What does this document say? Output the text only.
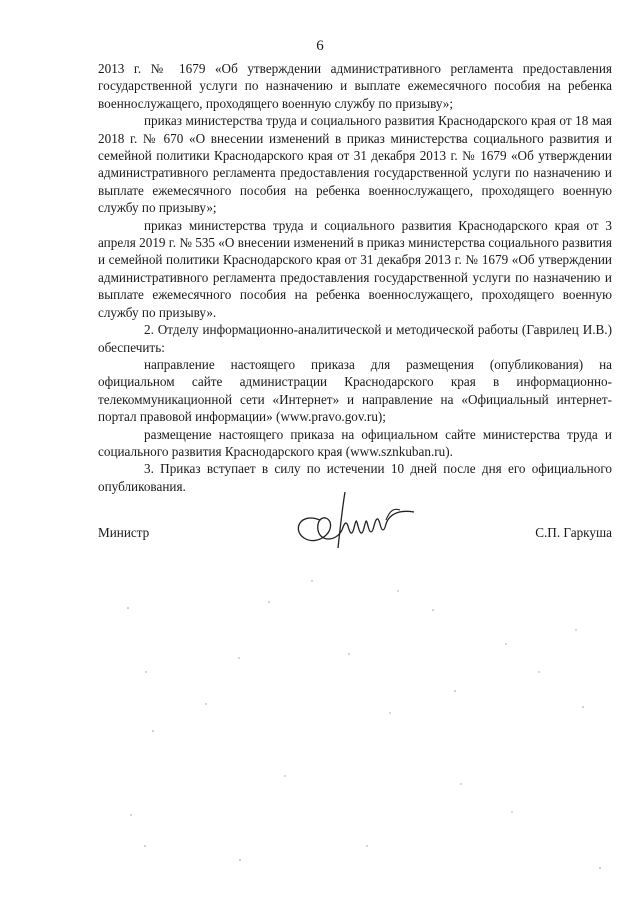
6

2013 г. № 1679 «Об утверждении административного регламента предоставления государственной услуги по назначению и выплате ежемесячного пособия на ребенка военнослужащего, проходящего военную службу по призыву»;

приказ министерства труда и социального развития Краснодарского края от 18 мая 2018 г. № 670 «О внесении изменений в приказ министерства социального развития и семейной политики Краснодарского края от 31 декабря 2013 г. № 1679 «Об утверждении административного регламента предоставления государственной услуги по назначению и выплате ежемесячного пособия на ребенка военнослужащего, проходящего военную службу по призыву»;

приказ министерства труда и социального развития Краснодарского края от 3 апреля 2019 г. № 535 «О внесении изменений в приказ министерства социального развития и семейной политики Краснодарского края от 31 декабря 2013 г. № 1679 «Об утверждении административного регламента предоставления государственной услуги по назначению и выплате ежемесячного пособия на ребенка военнослужащего, проходящего военную службу по призыву».

2. Отделу информационно-аналитической и методической работы (Гаврилец И.В.) обеспечить:

направление настоящего приказа для размещения (опубликования) на официальном сайте администрации Краснодарского края в информационно-телекоммуникационной сети «Интернет» и направление на «Официальный интернет-портал правовой информации» (www.pravo.gov.ru);

размещение настоящего приказа на официальном сайте министерства труда и социального развития Краснодарского края (www.sznkuban.ru).

3. Приказ вступает в силу по истечении 10 дней после дня его официального опубликования.

Министр	С.П. Гаркуша
